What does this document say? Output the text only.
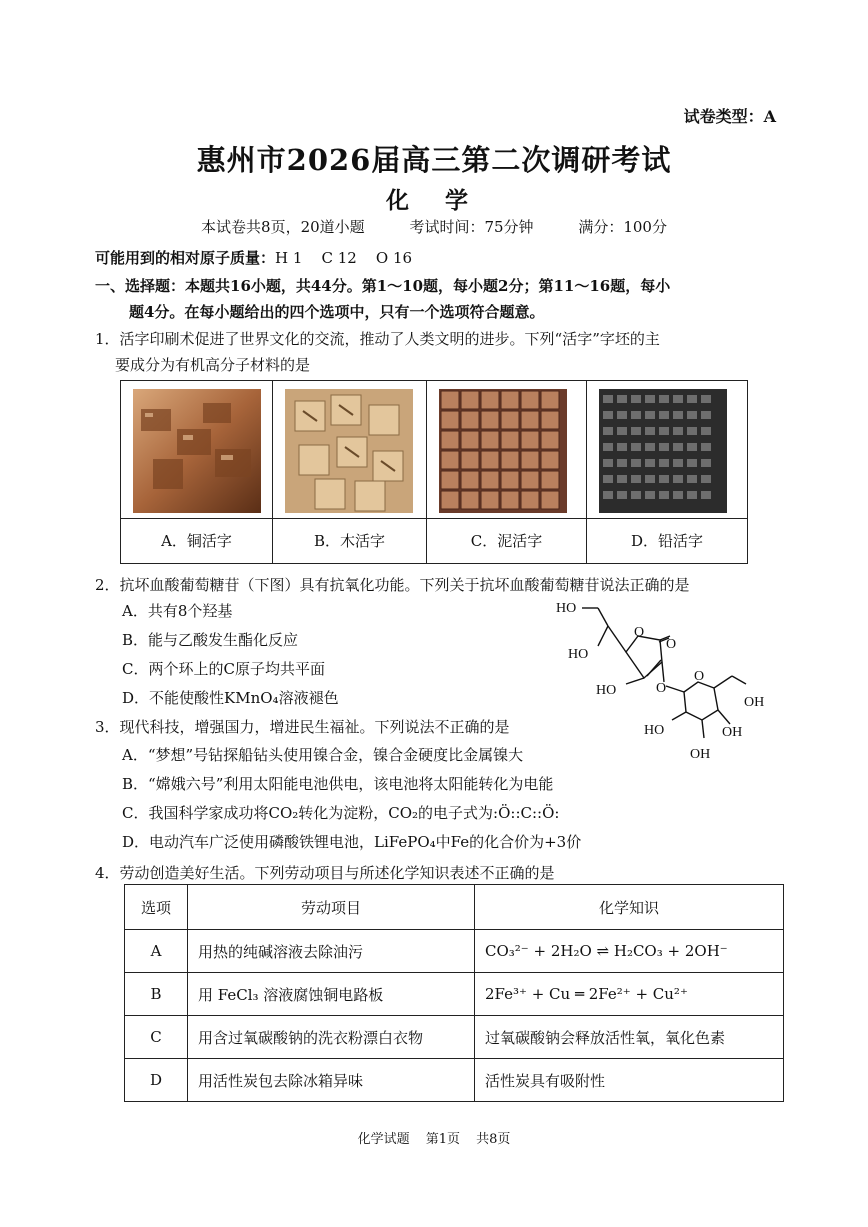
试卷类型：A
惠州市2026届高三第二次调研考试
化 学
本试卷共8页，20道小题	考试时间：75分钟	满分：100分
可能用到的相对原子质量：H 1    C 12    O 16
一、选择题：本题共16小题，共44分。第1～10题，每小题2分；第11～16题，每小
题4分。在每小题给出的四个选项中，只有一个选项符合题意。
1．活字印刷术促进了世界文化的交流，推动了人类文明的进步。下列“活字”字坯的主
要成分为有机高分子材料的是
A．铜活字	B．木活字	C．泥活字	D．铅活字
2．抗坏血酸葡萄糖苷（下图）具有抗氧化功能。下列关于抗坏血酸葡萄糖苷说法正确的是
A．共有8个羟基
B．能与乙酸发生酯化反应
C．两个环上的C原子均共平面
D．不能使酸性KMnO₄溶液褪色
HO
HO
O
HO	O
O
OH
HO	OH
OH
O
3．现代科技，增强国力，增进民生福祉。下列说法不正确的是
A．“梦想”号钻探船钻头使用镍合金，镍合金硬度比金属镍大
B．“嫦娥六号”利用太阳能电池供电，该电池将太阳能转化为电能
C．我国科学家成功将CO₂转化为淀粉，CO₂的电子式为:Ö::C::Ö:
D．电动汽车广泛使用磷酸铁锂电池，LiFePO₄中Fe的化合价为+3价
4．劳动创造美好生活。下列劳动项目与所述化学知识表述不正确的是
选项	劳动项目	化学知识
A	用热的纯碱溶液去除油污	CO₃²⁻ + 2H₂O ⇌ H₂CO₃ + 2OH⁻
B	用 FeCl₃ 溶液腐蚀铜电路板	2Fe³⁺ + Cu ═ 2Fe²⁺ + Cu²⁺
C	用含过氧碳酸钠的洗衣粉漂白衣物	过氧碳酸钠会释放活性氧，氧化色素
D	用活性炭包去除冰箱异味	活性炭具有吸附性
化学试题 第1页 共8页
